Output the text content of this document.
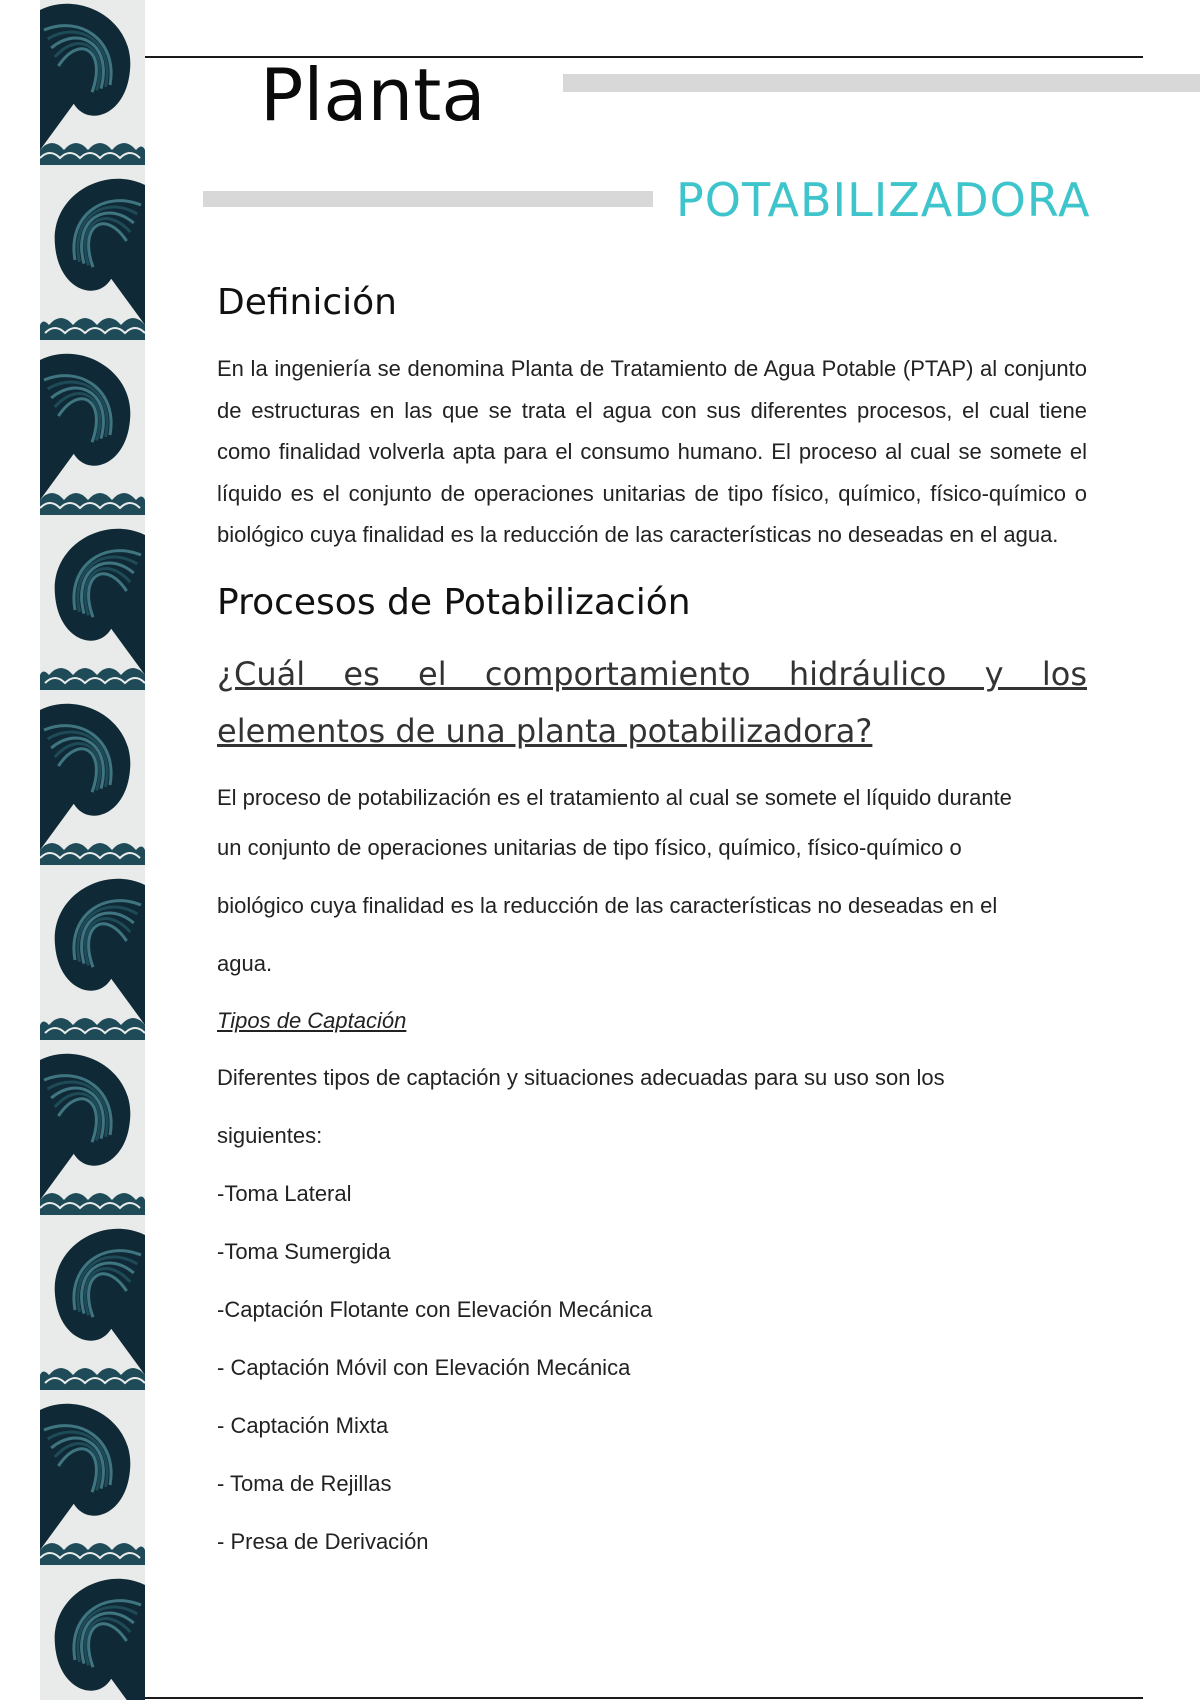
Planta
POTABILIZADORA
Definición

En la ingeniería se denomina Planta de Tratamiento de Agua Potable (PTAP) al conjunto de estructuras en las que se trata el agua con sus diferentes procesos, el cual tiene como finalidad volverla apta para el consumo humano. El proceso al cual se somete el líquido es el conjunto de operaciones unitarias de tipo físico, químico, físico-químico o biológico cuya finalidad es la reducción de las características no deseadas en el agua.

Procesos de Potabilización
¿Cuál es el comportamiento hidráulico y los elementos de una planta potabilizadora?

El proceso de potabilización es el tratamiento al cual se somete el líquido durante

un conjunto de operaciones unitarias de tipo físico, químico, físico-químico o

biológico cuya finalidad es la reducción de las características no deseadas en el

agua.

Tipos de Captación

Diferentes tipos de captación y situaciones adecuadas para su uso son los

siguientes:

-Toma Lateral
-Toma Sumergida
-Captación Flotante con Elevación Mecánica
- Captación Móvil con Elevación Mecánica
- Captación Mixta
- Toma de Rejillas
- Presa de Derivación
